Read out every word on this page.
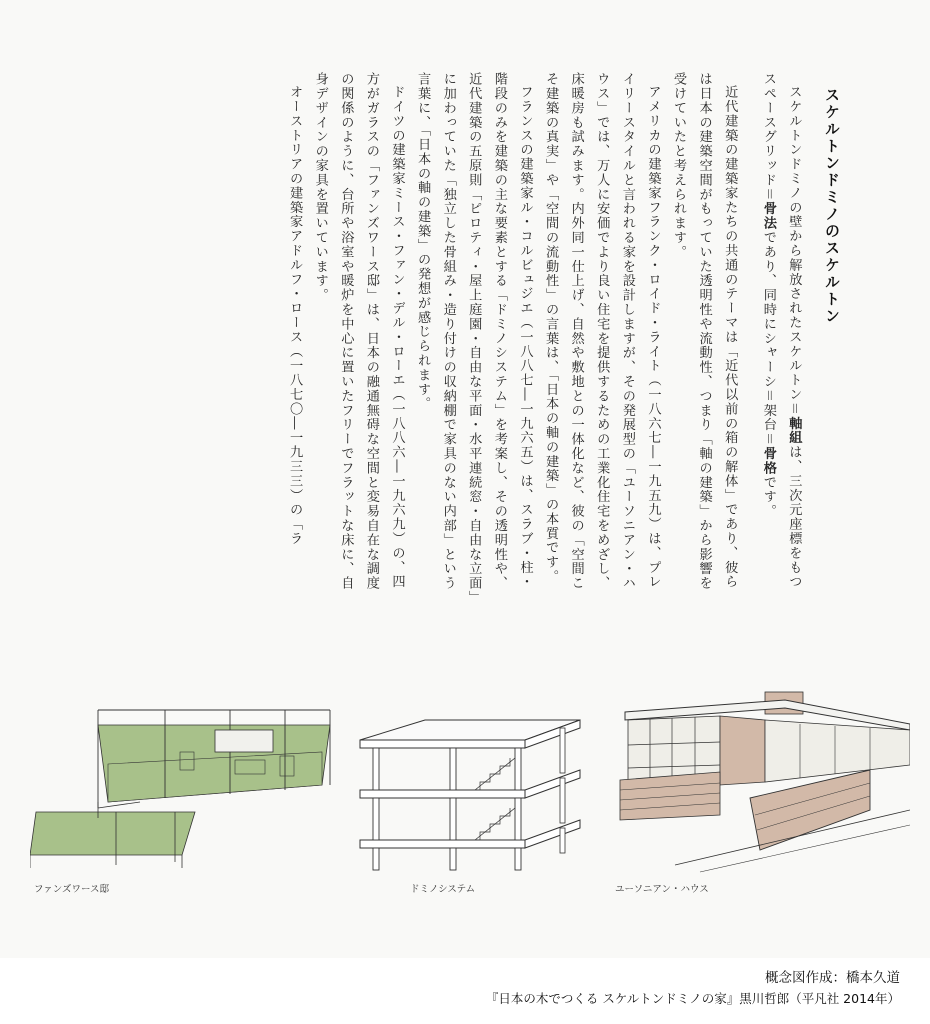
スケルトンドミノのスケルトン

スケルトンドミノの壁から解放されたスケルトン＝軸組は、三次元座標をもつスペースグリッド＝骨法であり、同時にシャーシ＝架台＝骨格です。

近代建築の建築家たちの共通のテーマは「近代以前の箱の解体」であり、彼らは日本の建築空間がもっていた透明性や流動性、つまり「軸の建築」から影響を受けていたと考えられます。

アメリカの建築家フランク・ロイド・ライト（一八六七―一九五九）は、プレイリースタイルと言われる家を設計しますが、その発展型の「ユーソニアン・ハウス」では、万人に安価でより良い住宅を提供するための工業化住宅をめざし、床暖房も試みます。内外同一仕上げ、自然や敷地との一体化など、彼の「空間こそ建築の真実」や「空間の流動性」の言葉は、「日本の軸の建築」の本質です。

フランスの建築家ル・コルビュジエ（一八八七―一九六五）は、スラブ・柱・階段のみを建築の主な要素とする「ドミノシステム」を考案し、その透明性や、近代建築の五原則「ピロティ・屋上庭園・自由な平面・水平連続窓・自由な立面」に加わっていた「独立した骨組み・造り付けの収納棚で家具のない内部」という言葉に、「日本の軸の建築」の発想が感じられます。

ドイツの建築家ミース・ファン・デル・ローエ（一八八六―一九六九）の、四方がガラスの「ファンズワース邸」は、日本の融通無碍な空間と変易自在な調度の関係のように、台所や浴室や暖炉を中心に置いたフリーでフラットな床に、自身デザインの家具を置いています。

オーストリアの建築家アドルフ・ロース（一八七〇―一九三三）の「ラ

ファンズワース邸	ドミノシステム	ユーソニアン・ハウス
概念図作成：橋本久道
『日本の木でつくる スケルトンドミノの家』黒川哲郎（平凡社 2014年）
